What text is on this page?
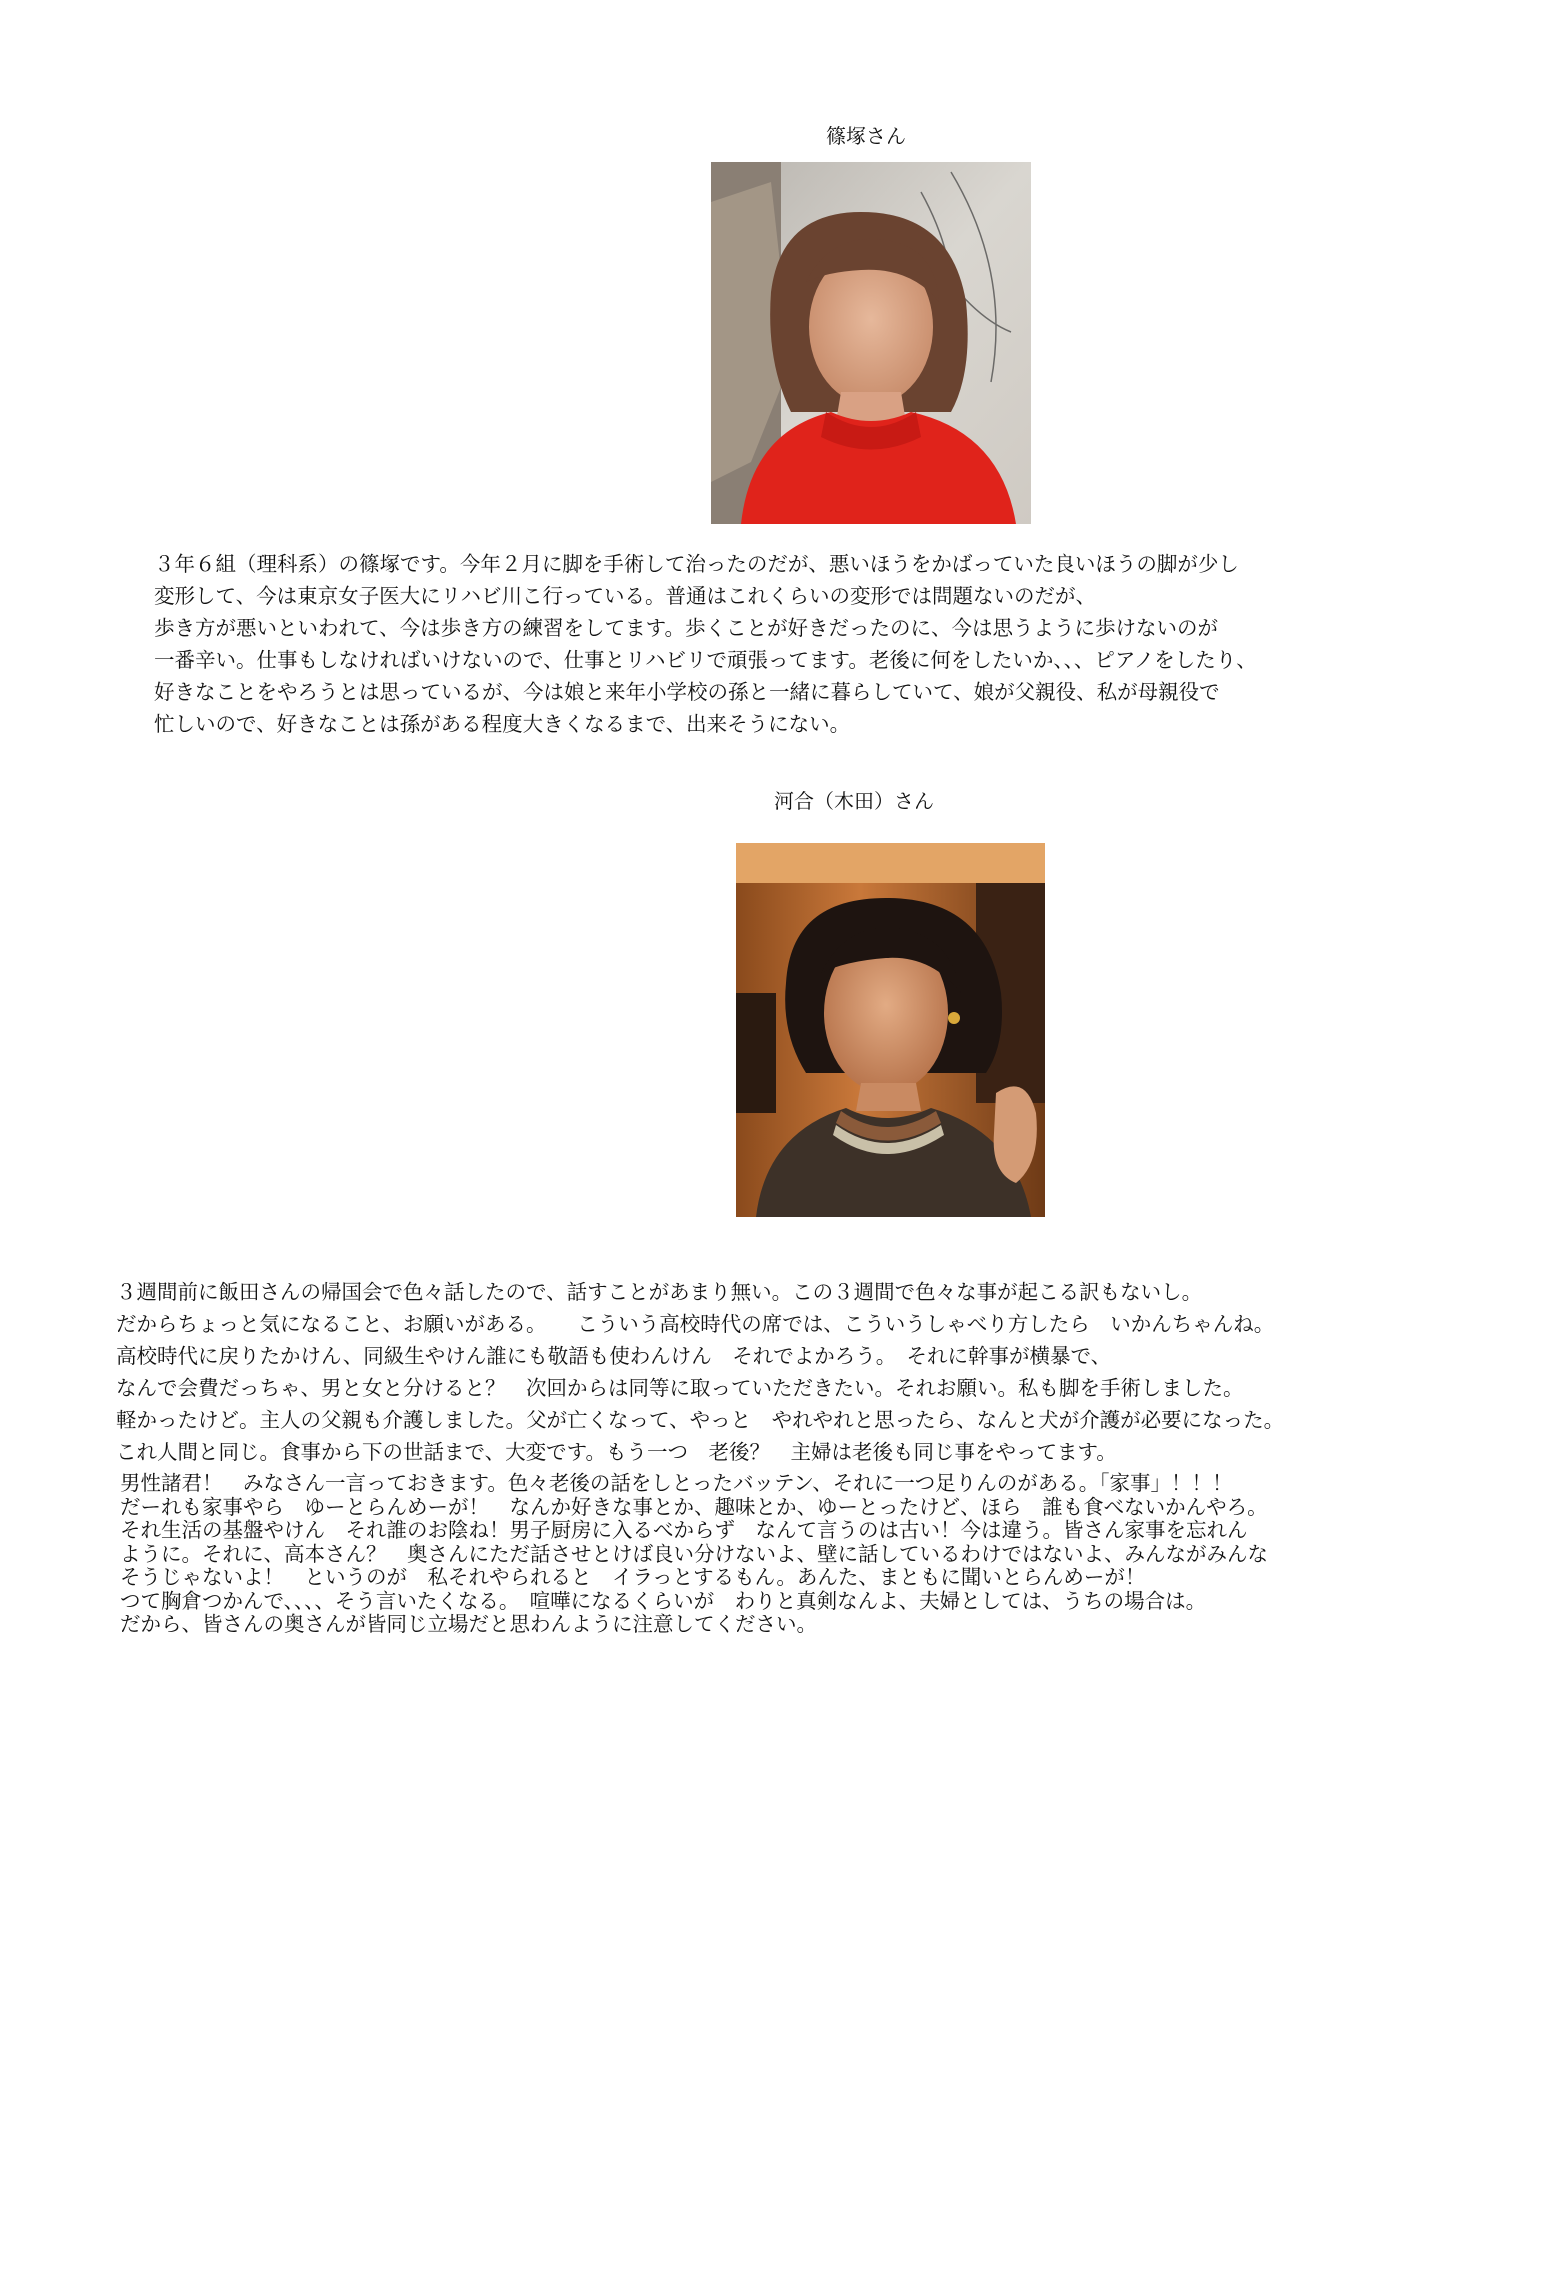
篠塚さん
３年６組（理科系）の篠塚です。今年２月に脚を手術して治ったのだが、悪いほうをかばっていた良いほうの脚が少し
変形して、今は東京女子医大にリハビ川こ行っている。普通はこれくらいの変形では問題ないのだが、
歩き方が悪いといわれて、今は歩き方の練習をしてます。歩くことが好きだったのに、今は思うように歩けないのが
一番辛い。仕事もしなければいけないので、仕事とリハビリで頑張ってます。老後に何をしたいか、、、ピアノをしたり、
好きなことをやろうとは思っているが、今は娘と来年小学校の孫と一緒に暮らしていて、娘が父親役、私が母親役で
忙しいので、好きなことは孫がある程度大きくなるまで、出来そうにない。
河合（木田）さん
３週間前に飯田さんの帰国会で色々話したので、話すことがあまり無い。この３週間で色々な事が起こる訳もないし。
だからちょっと気になること、お願いがある。　　こういう高校時代の席では、こういうしゃべり方したら　いかんちゃんね。
高校時代に戻りたかけん、同級生やけん誰にも敬語も使わんけん　それでよかろう。　それに幹事が横暴で、
なんで会費だっちゃ、男と女と分けると？　次回からは同等に取っていただきたい。それお願い。私も脚を手術しました。
軽かったけど。主人の父親も介護しました。父が亡くなって、やっと　やれやれと思ったら、なんと犬が介護が必要になった。
これ人間と同じ。食事から下の世話まで、大変です。もう一つ　老後？　主婦は老後も同じ事をやってます。
男性諸君！　みなさん一言っておきます。色々老後の話をしとったバッテン、それに一つ足りんのがある。「家事」！！！
だーれも家事やら　ゆーとらんめーが！　なんか好きな事とか、趣味とか、ゆーとったけど、ほら　誰も食べないかんやろ。
それ生活の基盤やけん　それ誰のお陰ね！男子厨房に入るべからず　なんて言うのは古い！今は違う。皆さん家事を忘れん
ように。それに、高本さん？　奥さんにただ話させとけば良い分けないよ、壁に話しているわけではないよ、みんながみんな
そうじゃないよ！　というのが　私それやられると　イラっとするもん。あんた、まともに聞いとらんめーが！
つて胸倉つかんで、、、、そう言いたくなる。　喧嘩になるくらいが　わりと真剣なんよ、夫婦としては、うちの場合は。
だから、皆さんの奥さんが皆同じ立場だと思わんように注意してください。
